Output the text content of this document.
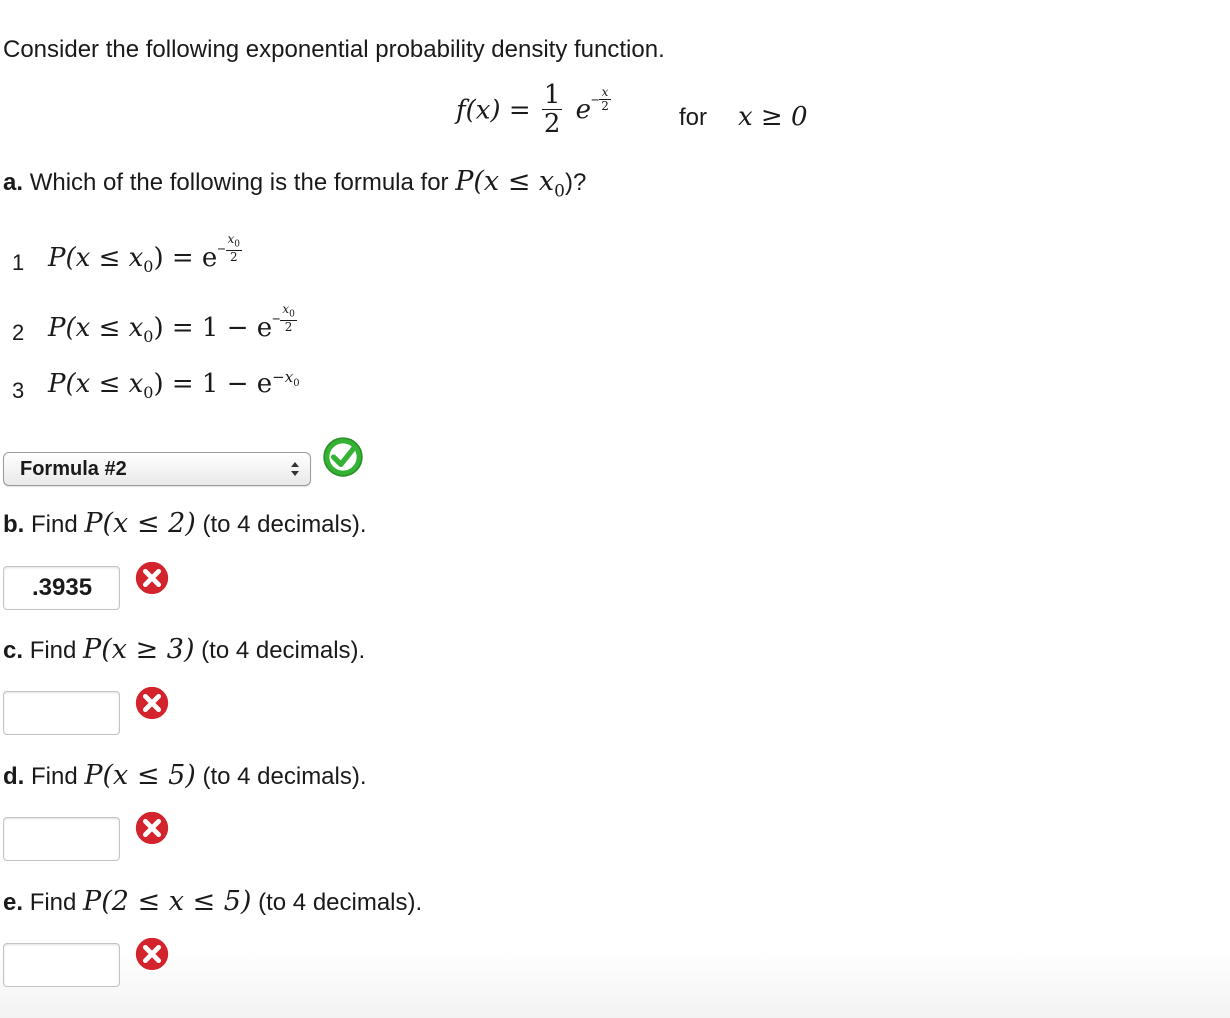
Consider the following exponential probability density function.
$f(x) = \frac{1}{2} e- \frac{x}{2}$
for x ≥ 0
a. Which of the following is the formula for $P(x \le x_0)$?
1 $P(x \le x_0) = e- \frac{x_0}{2}$
2 $P(x \le x_0) = 1 - e- \frac{x_0}{2}$
3 $P(x \le x_0) = 1 - e^{-x_0}$
Formula #2
b. Find P(x ≤ 2) (to 4 decimals).
.3935
c. Find P(x ≥ 3) (to 4 decimals).
d. Find P(x ≤ 5) (to 4 decimals).
e. Find P(2 ≤ x ≤ 5) (to 4 decimals).
